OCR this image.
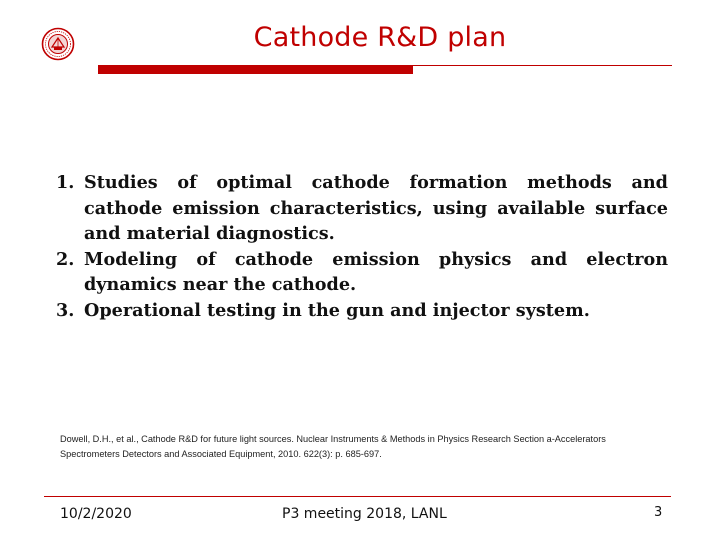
Cathode R&D plan
1. Studies of optimal cathode formation methods and cathode emission characteristics, using available surface and material diagnostics.
2. Modeling of cathode emission physics and electron dynamics near the cathode.
3. Operational testing in the gun and injector system.
Dowell, D.H., et al., Cathode R&D for future light sources. Nuclear Instruments & Methods in Physics Research Section a-Accelerators
Spectrometers Detectors and Associated Equipment, 2010. 622(3): p. 685-697.
10/2/2020	P3 meeting 2018, LANL	3
